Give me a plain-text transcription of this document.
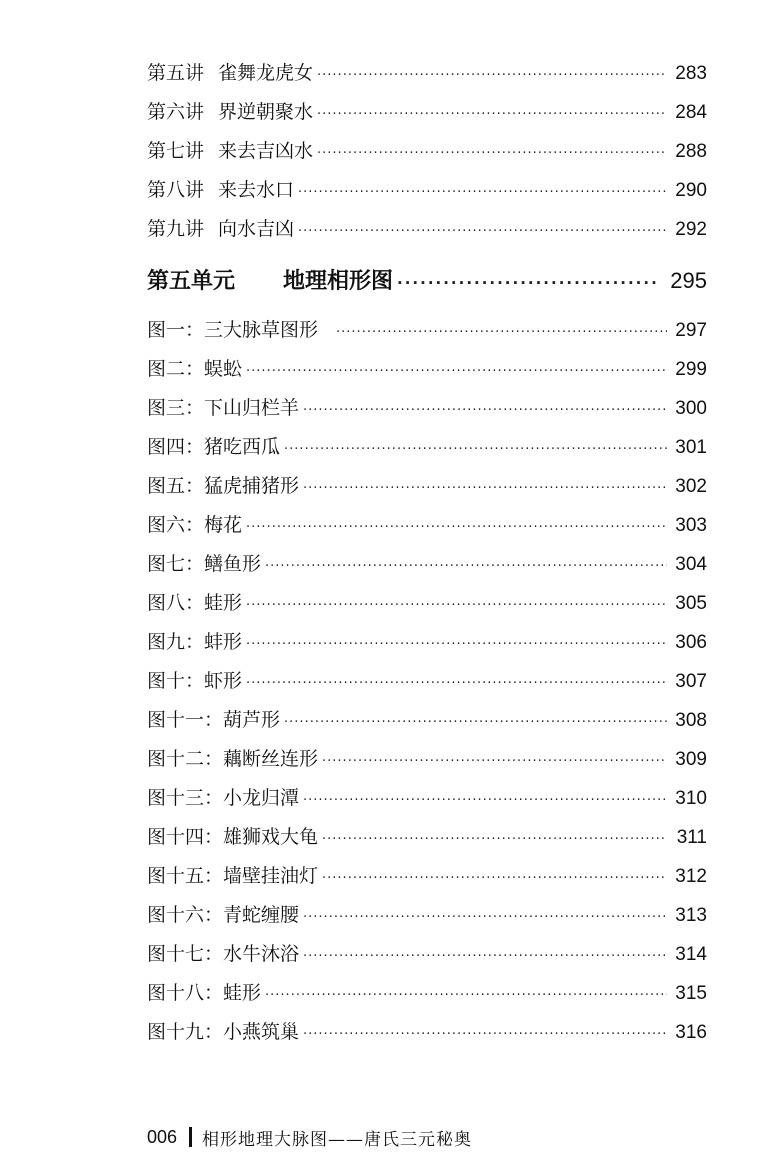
第五讲 雀舞龙虎女 ·····	283
第六讲 界逆朝聚水 ·····	284
第七讲 来去吉凶水 ·····	288
第八讲 来去水口 ·····	290
第九讲 向水吉凶 ·····	292
第五单元 地理相形图 ·····	295
图一： 三大脉草图形 ·····	297
图二： 蜈蚣 ·····	299
图三： 下山归栏羊 ·····	300
图四： 猪吃西瓜 ·····	301
图五： 猛虎捕猪形 ·····	302
图六： 梅花 ·····	303
图七： 鳝鱼形 ·····	304
图八： 蛙形 ·····	305
图九： 蚌形 ·····	306
图十： 虾形 ·····	307
图十一： 葫芦形 ·····	308
图十二： 藕断丝连形 ·····	309
图十三： 小龙归潭 ·····	310
图十四： 雄狮戏大龟 ·····	311
图十五： 墙壁挂油灯 ·····	312
图十六： 青蛇缠腰 ·····	313
图十七： 水牛沐浴 ·····	314
图十八： 蛙形 ·····	315
图十九： 小燕筑巢 ·····	316
006 相形地理大脉图——唐氏三元秘奥
